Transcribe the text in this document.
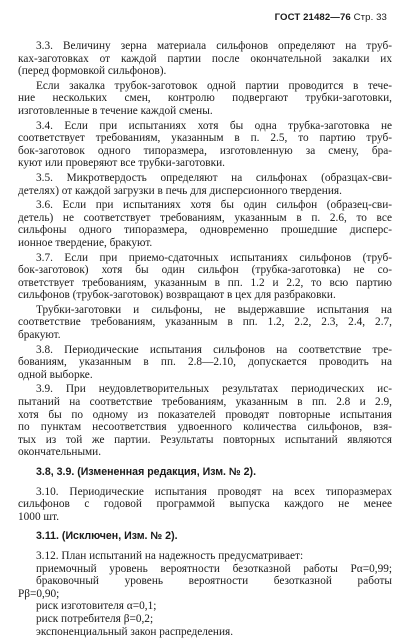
ГОСТ 21482—76 Стр. 33
3.3. Величину зерна материала сильфонов определяют на труб-
ках-заготовках от каждой партии после окончательной закалки их
(перед формовкой сильфонов).
Если закалка трубок-заготовок одной партии проводится в тече-
ние нескольких смен, контролю подвергают трубки-заготовки,
изготовленные в течение каждой смены.
3.4. Если при испытаниях хотя бы одна трубка-заготовка не
соответствует требованиям, указанным в п. 2.5, то партию труб-
бок-заготовок одного типоразмера, изготовленную за смену, бра-
куют или проверяют все трубки-заготовки.
3.5. Микротвердость определяют на сильфонах (образцах-сви-
детелях) от каждой загрузки в печь для дисперсионного твердения.
3.6. Если при испытаниях хотя бы один сильфон (образец-сви-
детель) не соответствует требованиям, указанным в п. 2.6, то все
сильфоны одного типоразмера, одновременно прошедшие дисперс-
ионное твердение, бракуют.
3.7. Если при приемо-сдаточных испытаниях сильфонов (труб-
бок-заготовок) хотя бы один сильфон (трубка-заготовка) не со-
ответствует требованиям, указанным в пп. 1.2 и 2.2, то всю партию
сильфонов (трубок-заготовок) возвращают в цех для разбраковки.
Трубки-заготовки и сильфоны, не выдержавшие испытания на
соответствие требованиям, указанным в пп. 1.2, 2.2, 2.3, 2.4, 2.7,
бракуют.
3.8. Периодические испытания сильфонов на соответствие тре-
бованиям, указанным в пп. 2.8—2.10, допускается проводить на
одной выборке.
3.9. При неудовлетворительных результатах периодических ис-
пытаний на соответствие требованиям, указанным в пп. 2.8 и 2.9,
хотя бы по одному из показателей проводят повторные испытания
по пунктам несоответствия удвоенного количества сильфонов, взя-
тых из той же партии. Результаты повторных испытаний являются
окончательными.
3.8, 3.9. (Измененная редакция, Изм. № 2).
3.10. Периодические испытания проводят на всех типоразмерах
сильфонов с годовой программой выпуска каждого не менее
1000 шт.
3.11. (Исключен, Изм. № 2).
3.12. План испытаний на надежность предусматривает:
приемочный уровень вероятности безотказной работы Pα=0,99;
браковочный уровень вероятности безотказной работы
Pβ=0,90;
риск изготовителя α=0,1;
риск потребителя β=0,2;
экспоненциальный закон распределения.
